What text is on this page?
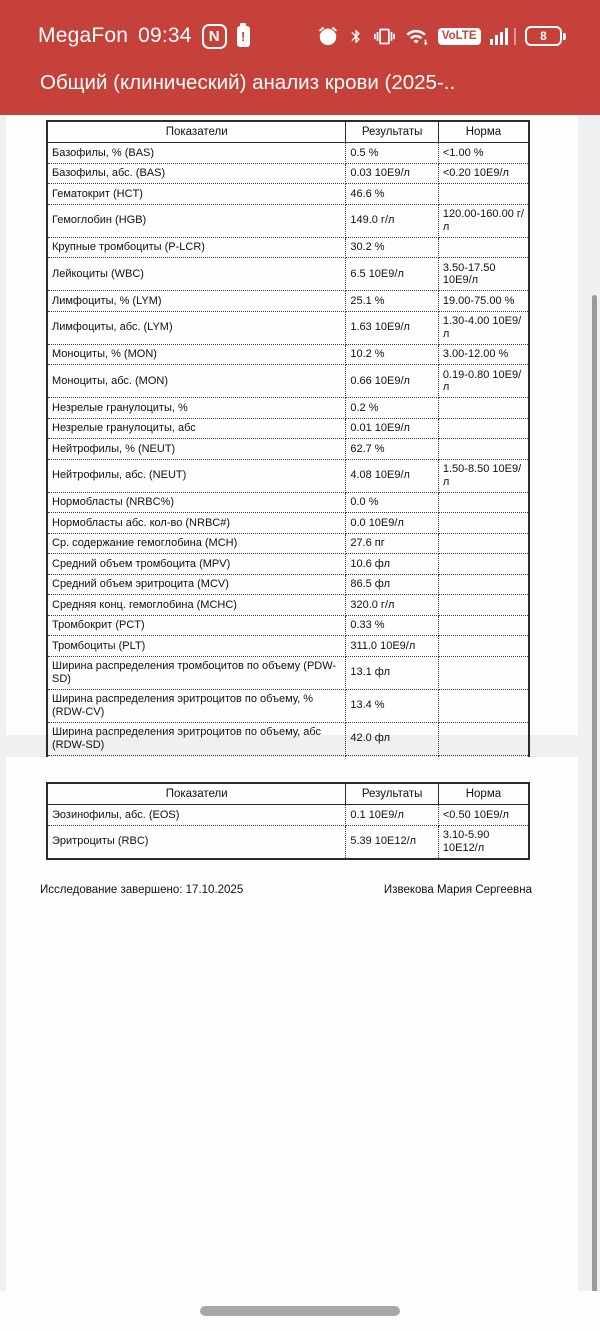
MegaFon 09:34	N	!	VoLTE	8
Общий (клинический) анализ крови (2025-..
Показатели	Результаты	Норма
Базофилы, % (BAS)	0.5 %	<1.00 %
Базофилы, абс. (BAS)	0.03 10E9/л	<0.20 10E9/л
Гематокрит (HCT)	46.6 %	
Гемоглобин (HGB)	149.0 г/л	120.00-160.00 г/л
Крупные тромбоциты (P-LCR)	30.2 %	
Лейкоциты (WBC)	6.5 10E9/л	3.50-17.50 10E9/л
Лимфоциты, % (LYM)	25.1 %	19.00-75.00 %
Лимфоциты, абс. (LYM)	1.63 10E9/л	1.30-4.00 10E9/л
Моноциты, % (MON)	10.2 %	3.00-12.00 %
Моноциты, абс. (MON)	0.66 10E9/л	0.19-0.80 10E9/л
Незрелые гранулоциты, %	0.2 %	
Незрелые гранулоциты, абс	0.01 10E9/л	
Нейтрофилы, % (NEUT)	62.7 %	
Нейтрофилы, абс. (NEUT)	4.08 10E9/л	1.50-8.50 10E9/л
Нормобласты (NRBC%)	0.0 %	
Нормобласты абс. кол-во (NRBC#)	0.0 10E9/л	
Ср. содержание гемоглобина (MCH)	27.6 пг	
Средний объем тромбоцита (MPV)	10.6 фл	
Средний объем эритроцита (MCV)	86.5 фл	
Средняя конц. гемоглобина (MCHC)	320.0 г/л	
Тромбокрит (PCT)	0.33 %	
Тромбоциты (PLT)	311.0 10E9/л	
Ширина распределения тромбоцитов по объему (PDW-SD)	13.1 фл	
Ширина распределения эритроцитов по объему, % (RDW-CV)	13.4 %	
Ширина распределения эритроцитов по объему, абс (RDW-SD)	42.0 фл	

Показатели	Результаты	Норма
Эозинофилы, абс. (EOS)	0.1 10E9/л	<0.50 10E9/л
Эритроциты (RBC)	5.39 10E12/л	3.10-5.90 10E12/л
Исследование завершено: 17.10.2025	Извекова Мария Сергеевна
